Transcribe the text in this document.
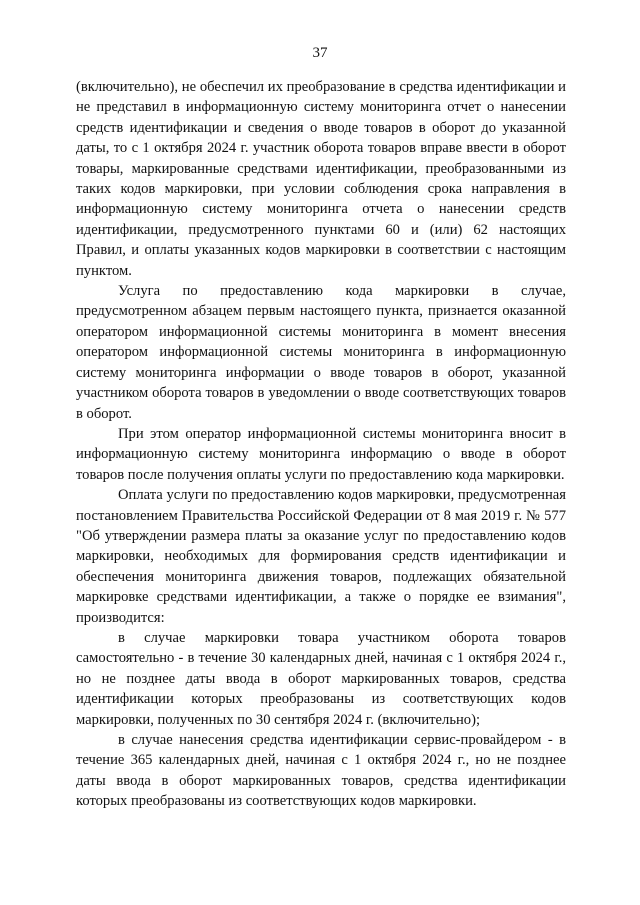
37

(включительно), не обеспечил их преобразование в средства идентификации и не представил в информационную систему мониторинга отчет о нанесении средств идентификации и сведения о вводе товаров в оборот до указанной даты, то с 1 октября 2024 г. участник оборота товаров вправе ввести в оборот товары, маркированные средствами идентификации, преобразованными из таких кодов маркировки, при условии соблюдения срока направления в информационную систему мониторинга отчета о нанесении средств идентификации, предусмотренного пунктами 60 и (или) 62 настоящих Правил, и оплаты указанных кодов маркировки в соответствии с настоящим пунктом.

Услуга по предоставлению кода маркировки в случае, предусмотренном абзацем первым настоящего пункта, признается оказанной оператором информационной системы мониторинга в момент внесения оператором информационной системы мониторинга в информационную систему мониторинга информации о вводе товаров в оборот, указанной участником оборота товаров в уведомлении о вводе соответствующих товаров в оборот.

При этом оператор информационной системы мониторинга вносит в информационную систему мониторинга информацию о вводе в оборот товаров после получения оплаты услуги по предоставлению кода маркировки.

Оплата услуги по предоставлению кодов маркировки, предусмотренная постановлением Правительства Российской Федерации от 8 мая 2019 г. № 577 "Об утверждении размера платы за оказание услуг по предоставлению кодов маркировки, необходимых для формирования средств идентификации и обеспечения мониторинга движения товаров, подлежащих обязательной маркировке средствами идентификации, а также о порядке ее взимания", производится:

в случае маркировки товара участником оборота товаров самостоятельно - в течение 30 календарных дней, начиная с 1 октября 2024 г., но не позднее даты ввода в оборот маркированных товаров, средства идентификации которых преобразованы из соответствующих кодов маркировки, полученных по 30 сентября 2024 г. (включительно);

в случае нанесения средства идентификации сервис-провайдером - в течение 365 календарных дней, начиная с 1 октября 2024 г., но не позднее даты ввода в оборот маркированных товаров, средства идентификации которых преобразованы из соответствующих кодов маркировки.
